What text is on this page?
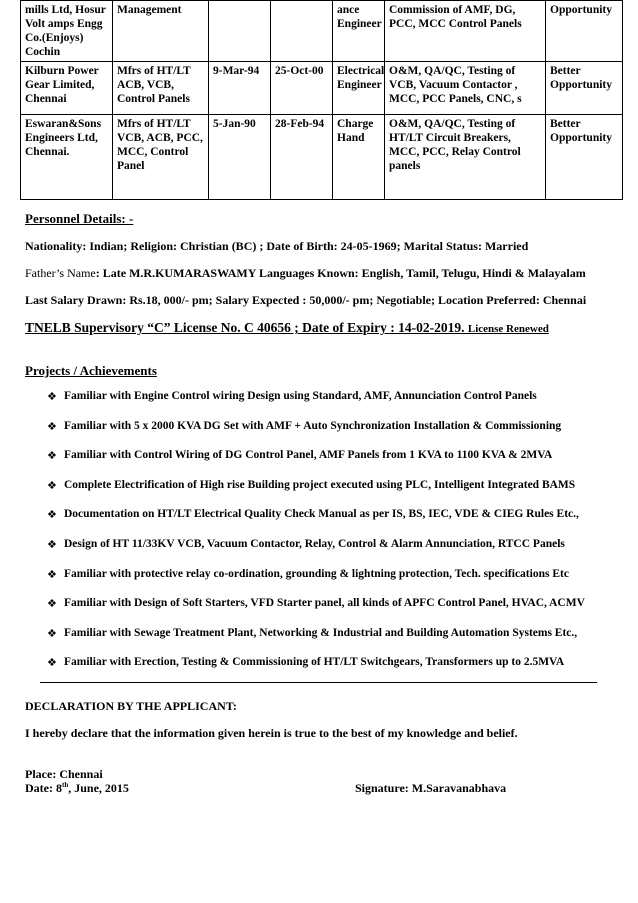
mills Ltd, Hosur Volt amps Engg Co.(Enjoys) Cochin	Management			ance Engineer	Commission of AMF, DG, PCC, MCC Control Panels	Opportunity
Kilburn Power Gear Limited, Chennai	Mfrs of HT/LT ACB, VCB, Control Panels	9-Mar-94	25-Oct-00	Electrical Engineer	O&M, QA/QC, Testing of VCB, Vacuum Contactor , MCC, PCC Panels, CNC, s	Better Opportunity
Eswaran&Sons Engineers Ltd, Chennai.	Mfrs of HT/LT VCB, ACB, PCC, MCC, Control Panel	5-Jan-90	28-Feb-94	Charge Hand	O&M, QA/QC, Testing of HT/LT Circuit Breakers, MCC, PCC, Relay Control panels	Better Opportunity
Personnel Details: -
Nationality: Indian; Religion: Christian (BC) ; Date of Birth: 24-05-1969; Marital Status: Married
Father’s Name: Late M.R.KUMARASWAMY Languages Known: English, Tamil, Telugu, Hindi & Malayalam
Last Salary Drawn: Rs.18, 000/- pm; Salary Expected : 50,000/- pm; Negotiable; Location Preferred: Chennai
TNELB Supervisory “C” License No. C 40656 ; Date of Expiry : 14-02-2019. License Renewed
Projects / Achievements
❖ Familiar with Engine Control wiring Design using Standard, AMF, Annunciation Control Panels
❖ Familiar with 5 x 2000 KVA DG Set with AMF + Auto Synchronization Installation & Commissioning
❖ Familiar with Control Wiring of DG Control Panel, AMF Panels from 1 KVA to 1100 KVA & 2MVA
❖ Complete Electrification of High rise Building project executed using PLC, Intelligent Integrated BAMS
❖ Documentation on HT/LT Electrical Quality Check Manual as per IS, BS, IEC, VDE & CIEG Rules Etc.,
❖ Design of HT 11/33KV VCB, Vacuum Contactor, Relay, Control & Alarm Annunciation, RTCC Panels
❖ Familiar with protective relay co-ordination, grounding & lightning protection, Tech. specifications Etc
❖ Familiar with Design of Soft Starters, VFD Starter panel, all kinds of APFC Control Panel, HVAC, ACMV
❖ Familiar with Sewage Treatment Plant, Networking & Industrial and Building Automation Systems Etc.,
❖ Familiar with Erection, Testing & Commissioning of HT/LT Switchgears, Transformers up to 2.5MVA
DECLARATION BY THE APPLICANT:
I hereby declare that the information given herein is true to the best of my knowledge and belief.
Place: Chennai
Date: 8th, June, 2015	Signature: M.Saravanabhava
